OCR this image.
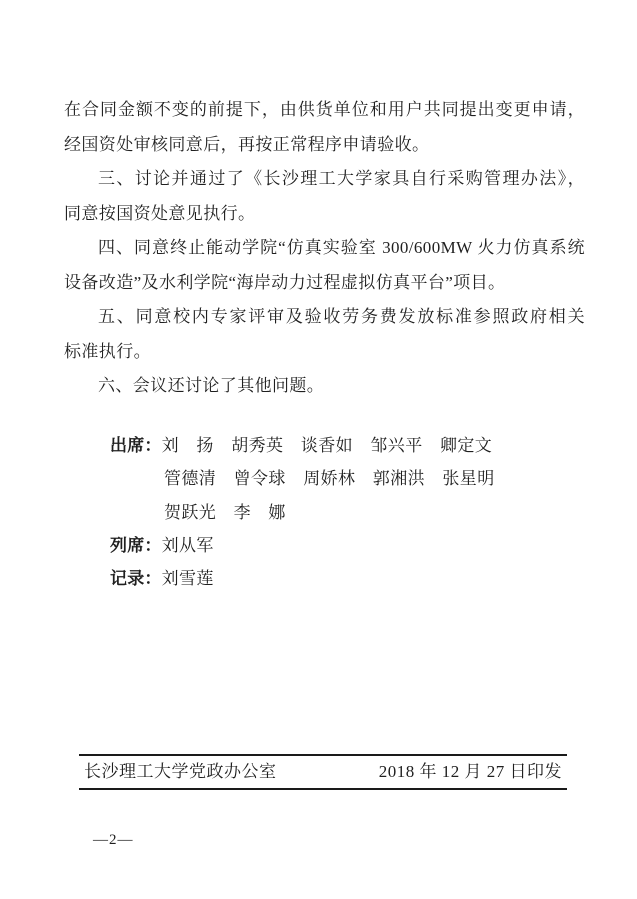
在合同金额不变的前提下，由供货单位和用户共同提出变更申请，
经国资处审核同意后，再按正常程序申请验收。
三、讨论并通过了《长沙理工大学家具自行采购管理办法》，
同意按国资处意见执行。
四、同意终止能动学院“仿真实验室 300/600MW 火力仿真系统
设备改造”及水利学院“海岸动力过程虚拟仿真平台”项目。
五、同意校内专家评审及验收劳务费发放标准参照政府相关
标准执行。
六、会议还讨论了其他问题。
出席：刘　扬　胡秀英　谈香如　邹兴平　卿定文
管德清　曾令球　周娇林　郭湘洪　张星明
贺跃光　李　娜
列席：刘从军
记录：刘雪莲
长沙理工大学党政办公室	2018 年 12 月 27 日印发
—2—
